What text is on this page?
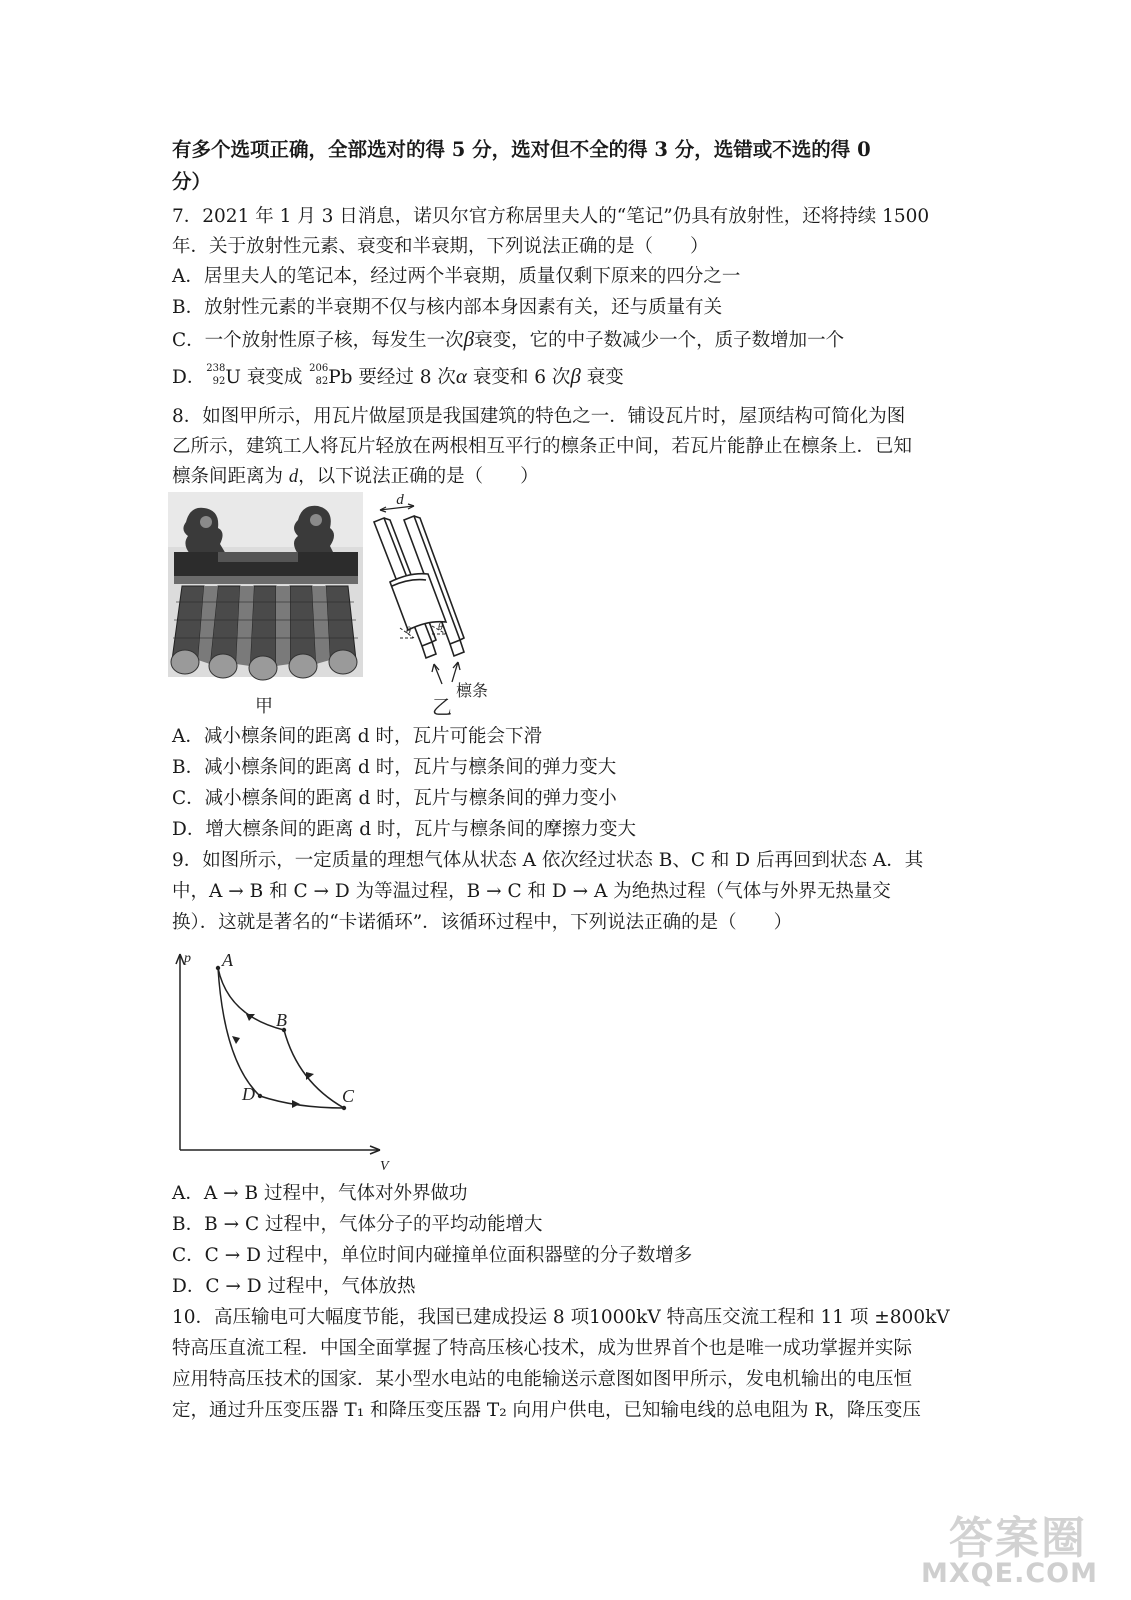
有多个选项正确，全部选对的得 5 分，选对但不全的得 3 分，选错或不选的得 0
分）
7．2021 年 1 月 3 日消息，诺贝尔官方称居里夫人的“笔记”仍具有放射性，还将持续 1500
年．关于放射性元素、衰变和半衰期，下列说法正确的是（　　）
A．居里夫人的笔记本，经过两个半衰期，质量仅剩下原来的四分之一
B．放射性元素的半衰期不仅与核内部本身因素有关，还与质量有关
C．一个放射性原子核，每发生一次β衰变，它的中子数减少一个，质子数增加一个
D． 238
92 U 衰变成 206
82 Pb 要经过 8 次α 衰变和 6 次β 衰变
8．如图甲所示，用瓦片做屋顶是我国建筑的特色之一．铺设瓦片时，屋顶结构可简化为图
乙所示，建筑工人将瓦片轻放在两根相互平行的檩条正中间，若瓦片能静止在檩条上．已知
檩条间距离为 d，以下说法正确的是（　　）
甲
d
θ	θ
檩条
乙
A．减小檩条间的距离 d 时，瓦片可能会下滑
B．减小檩条间的距离 d 时，瓦片与檩条间的弹力变大
C．减小檩条间的距离 d 时，瓦片与檩条间的弹力变小
D．增大檩条间的距离 d 时，瓦片与檩条间的摩擦力变大
9．如图所示，一定质量的理想气体从状态 A 依次经过状态 B、C 和 D 后再回到状态 A．其
中，A → B 和 C → D 为等温过程，B → C 和 D → A 为绝热过程（气体与外界无热量交
换）．这就是著名的“卡诺循环”．该循环过程中，下列说法正确的是（　　）
p A
B
C
D
V
A．A → B 过程中，气体对外界做功
B．B → C 过程中，气体分子的平均动能增大
C．C → D 过程中，单位时间内碰撞单位面积器壁的分子数增多
D．C → D 过程中，气体放热
10．高压输电可大幅度节能，我国已建成投运 8 项1000kV 特高压交流工程和 11 项 ±800kV
特高压直流工程．中国全面掌握了特高压核心技术，成为世界首个也是唯一成功掌握并实际
应用特高压技术的国家．某小型水电站的电能输送示意图如图甲所示，发电机输出的电压恒
定，通过升压变压器 T₁ 和降压变压器 T₂ 向用户供电，已知输电线的总电阻为 R，降压变压
答案圈
MXQE.COM
